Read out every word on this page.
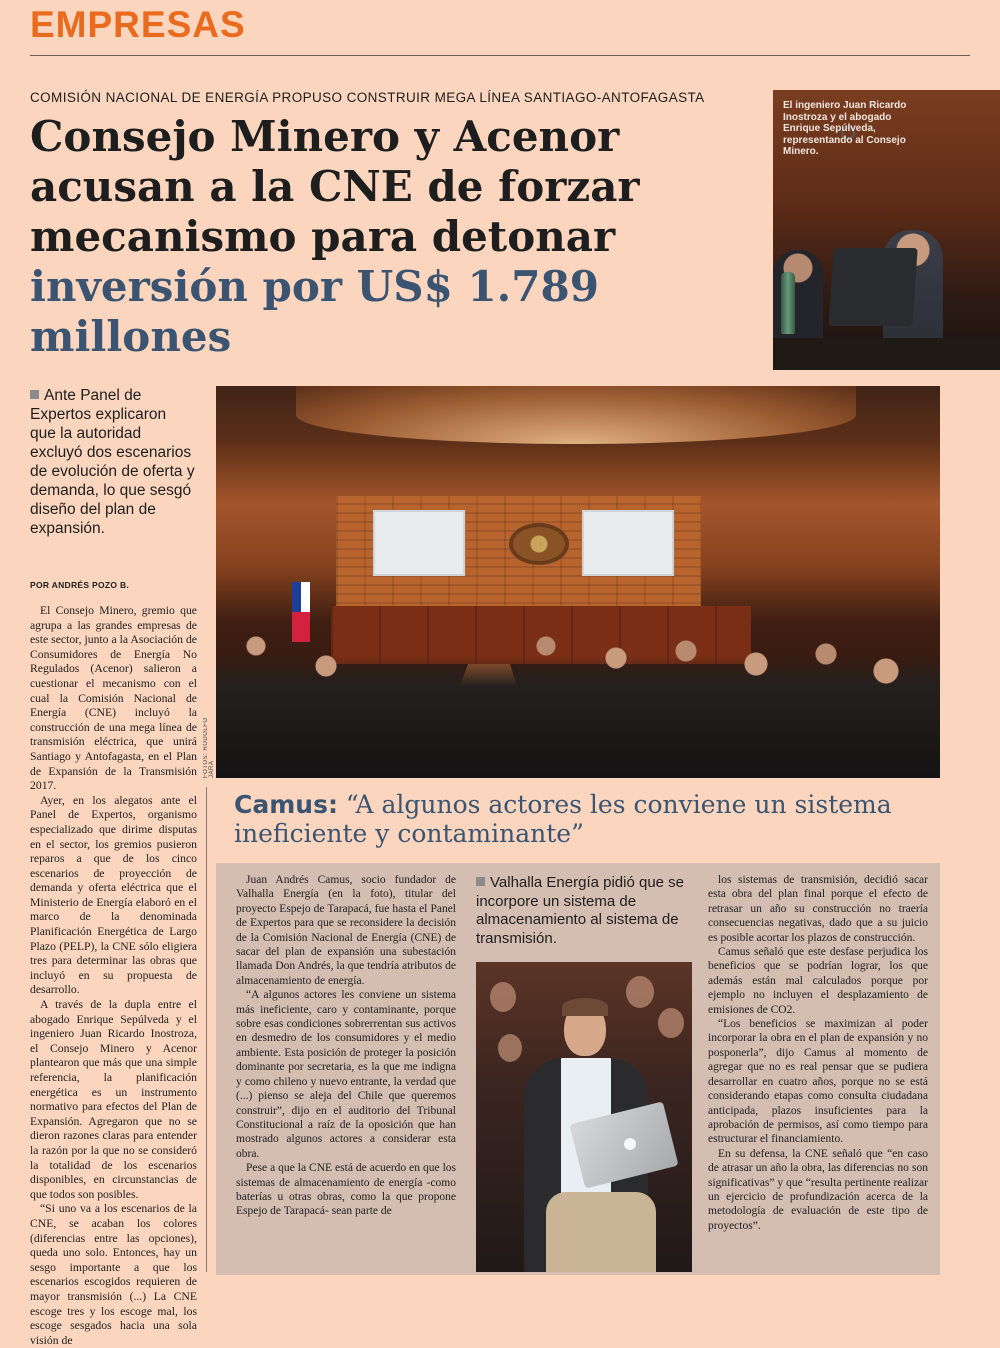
EMPRESAS
COMISIÓN NACIONAL DE ENERGÍA PROPUSO CONSTRUIR MEGA LÍNEA SANTIAGO-ANTOFAGASTA
Consejo Minero y Acenor acusan a la CNE de forzar mecanismo para detonar inversión por US$ 1.789 millones
El ingeniero Juan Ricardo Inostroza y el abogado Enrique Sepúlveda, representando al Consejo Minero.
Ante Panel de Expertos explicaron que la autoridad excluyó dos escenarios de evolución de oferta y demanda, lo que sesgó diseño del plan de expansión.
POR ANDRÉS POZO B.

El Consejo Minero, gremio que agrupa a las grandes empresas de este sector, junto a la Asociación de Consumidores de Energía No Regulados (Acenor) salieron a cuestionar el mecanismo con el cual la Comisión Nacional de Energía (CNE) incluyó la construcción de una mega línea de transmisión eléctrica, que unirá Santiago y Antofagasta, en el Plan de Expansión de la Transmisión 2017.

Ayer, en los alegatos ante el Panel de Expertos, organismo especializado que dirime disputas en el sector, los gremios pusieron reparos a que de los cinco escenarios de proyección de demanda y oferta eléctrica que el Ministerio de Energía elaboró en el marco de la denominada Planificación Energética de Largo Plazo (PELP), la CNE sólo eligiera tres para determinar las obras que incluyó en su propuesta de desarrollo.

A través de la dupla entre el abogado Enrique Sepúlveda y el ingeniero Juan Ricardo Inostroza, el Consejo Minero y Acenor plantearon que más que una simple referencia, la planificación energética es un instrumento normativo para efectos del Plan de Expansión. Agregaron que no se dieron razones claras para entender la razón por la que no se consideró la totalidad de los escenarios disponibles, en circunstancias de que todos son posibles.

“Si uno va a los escenarios de la CNE, se acaban los colores (diferencias entre las opciones), queda uno solo. Entonces, hay un sesgo importante a que los escenarios escogidos requieren de mayor transmisión (...) La CNE escoge tres y los escoge mal, los escoge sesgados hacia una sola visión de

FOTOS: RODOLFO JARA
Camus: “A algunos actores les conviene un sistema ineficiente y contaminante”

Juan Andrés Camus, socio fundador de Valhalla Energía (en la foto), titular del proyecto Espejo de Tarapacá, fue hasta el Panel de Expertos para que se reconsidere la decisión de la Comisión Nacional de Energía (CNE) de sacar del plan de expansión una subestación llamada Don Andrés, la que tendría atributos de almacenamiento de energía.

“A algunos actores les conviene un sistema más ineficiente, caro y contaminante, porque sobre esas condiciones sobrerrentan sus activos en desmedro de los consumidores y el medio ambiente. Esta posición de proteger la posición dominante por secretaria, es la que me indigna y como chileno y nuevo entrante, la verdad que (...) pienso se aleja del Chile que queremos construir”, dijo en el auditorio del Tribunal Constitucional a raíz de la oposición que han mostrado algunos actores a considerar esta obra.

Pese a que la CNE está de acuerdo en que los sistemas de almacenamiento de energía -como baterías u otras obras, como la que propone Espejo de Tarapacá- sean parte de

Valhalla Energía pidió que se incorpore un sistema de almacenamiento al sistema de transmisión.

los sistemas de transmisión, decidió sacar esta obra del plan final porque el efecto de retrasar un año su construcción no traería consecuencias negativas, dado que a su juicio es posible acortar los plazos de construcción.

Camus señaló que este desfase perjudica los beneficios que se podrían lograr, los que además están mal calculados porque por ejemplo no incluyen el desplazamiento de emisiones de CO2.

“Los beneficios se maximizan al poder incorporar la obra en el plan de expansión y no posponerla”, dijo Camus al momento de agregar que no es real pensar que se pudiera desarrollar en cuatro años, porque no se está considerando etapas como consulta ciudadana anticipada, plazos insuficientes para la aprobación de permisos, así como tiempo para estructurar el financiamiento.

En su defensa, la CNE señaló que “en caso de atrasar un año la obra, las diferencias no son significativas” y que “resulta pertinente realizar un ejercicio de profundización acerca de la metodología de evaluación de este tipo de proyectos”.
